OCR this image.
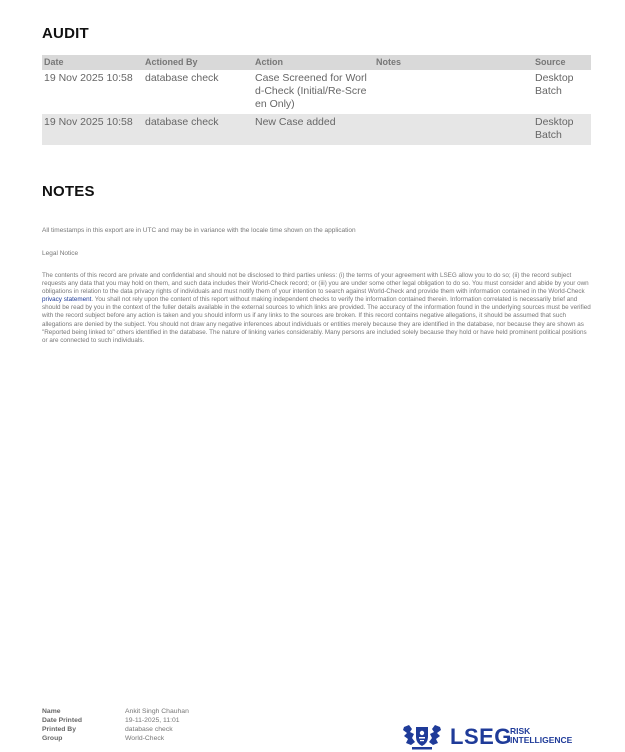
AUDIT
Date	Actioned By	Action	Notes	Source
19 Nov 2025 10:58	database check	Case Screened for World-Check (Initial/Re-Screen Only)		Desktop Batch
19 Nov 2025 10:58	database check	New Case added		Desktop Batch
NOTES
All timestamps in this export are in UTC and may be in variance with the locale time shown on the application
Legal Notice
The contents of this record are private and confidential and should not be disclosed to third parties unless: (i) the terms of your agreement with LSEG allow you to do so; (ii) the record subject requests any data that you may hold on them, and such data includes their World-Check record; or (iii) you are under some other legal obligation to do so. You must consider and abide by your own obligations in relation to the data privacy rights of individuals and must notify them of your intention to search against World-Check and provide them with information contained in the World-Check privacy statement. You shall not rely upon the content of this report without making independent checks to verify the information contained therein. Information correlated is necessarily brief and should be read by you in the context of the fuller details available in the external sources to which links are provided. The accuracy of the information found in the underlying sources must be verified with the record subject before any action is taken and you should inform us if any links to the sources are broken. If this record contains negative allegations, it should be assumed that such allegations are denied by the subject. You should not draw any negative inferences about individuals or entities merely because they are identified in the database, nor because they are shown as "Reported being linked to" others identified in the database. The nature of linking varies considerably. Many persons are included solely because they hold or have held prominent political positions or are connected to such individuals.
Name	Ankit Singh Chauhan
Date Printed	19-11-2025, 11:01
Printed By	database check
Group	World-Check	LSEG
RISK
INTELLIGENCE
